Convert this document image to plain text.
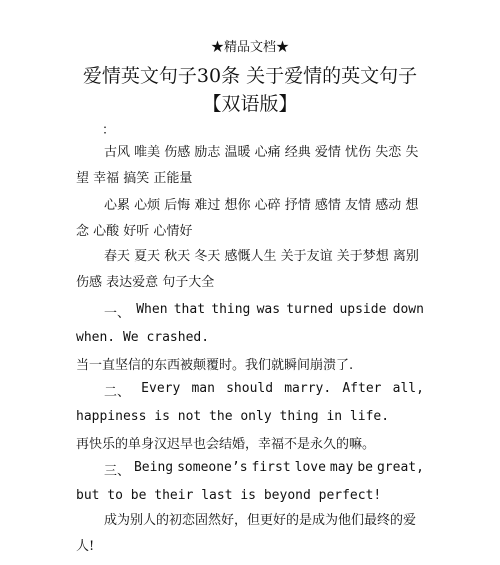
★精品文档★
爱情英文句子30条 关于爱情的英文句子
【双语版】
：

古风 唯美 伤感 励志 温暖 心痛 经典 爱情 忧伤 失恋 失望 幸福 搞笑 正能量

心累 心烦 后悔 难过 想你 心碎 抒情 感情 友情 感动 想念 心酸 好听 心情好

春天 夏天 秋天 冬天 感慨人生 关于友谊 关于梦想 离别伤感 表达爱意 句子大全

一、 When that thing was turned upside down
when. We crashed.
当一直坚信的东西被颠覆时。我们就瞬间崩溃了.
二、 Every man should marry. After all,
happiness is not the only thing in life.
再快乐的单身汉迟早也会结婚，幸福不是永久的嘛。
三、 Being someone’s first love may be great,
but to be their last is beyond perfect!

成为别人的初恋固然好，但更好的是成为他们最终的爱人!
